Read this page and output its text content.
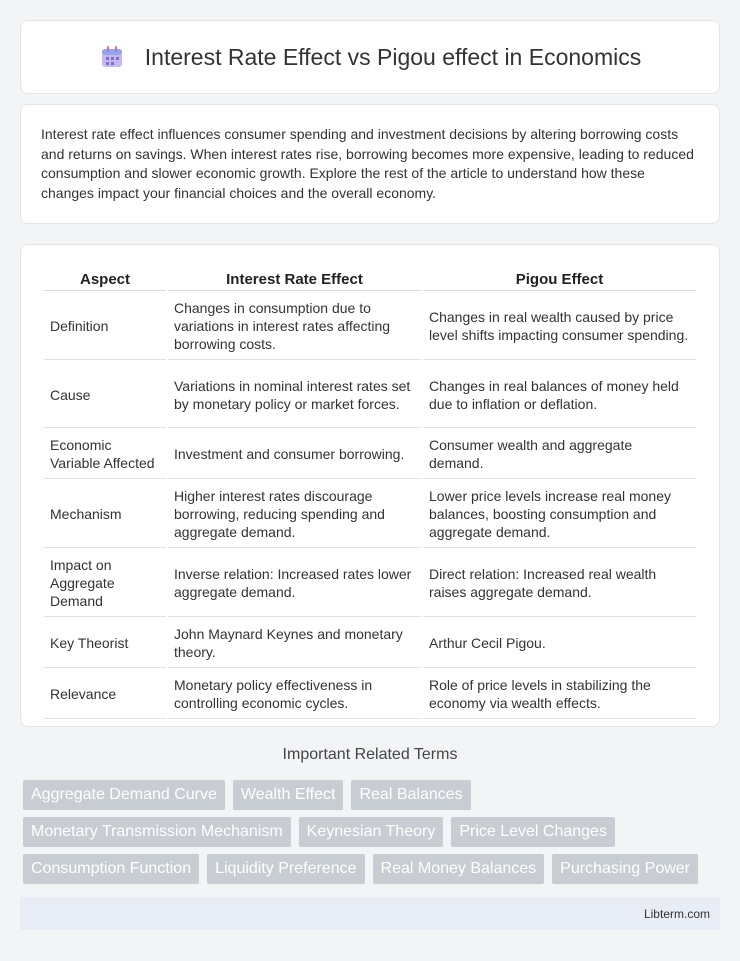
Interest Rate Effect vs Pigou effect in Economics

Interest rate effect influences consumer spending and investment decisions by altering borrowing costs and returns on savings. When interest rates rise, borrowing becomes more expensive, leading to reduced consumption and slower economic growth. Explore the rest of the article to understand how these changes impact your financial choices and the overall economy.

Aspect	Interest Rate Effect	Pigou Effect
Definition	Changes in consumption due to variations in interest rates affecting borrowing costs.	Changes in real wealth caused by price level shifts impacting consumer spending.
Cause	Variations in nominal interest rates set by monetary policy or market forces.	Changes in real balances of money held due to inflation or deflation.
Economic Variable Affected	Investment and consumer borrowing.	Consumer wealth and aggregate demand.
Mechanism	Higher interest rates discourage borrowing, reducing spending and aggregate demand.	Lower price levels increase real money balances, boosting consumption and aggregate demand.
Impact on Aggregate Demand	Inverse relation: Increased rates lower aggregate demand.	Direct relation: Increased real wealth raises aggregate demand.
Key Theorist	John Maynard Keynes and monetary theory.	Arthur Cecil Pigou.
Relevance	Monetary policy effectiveness in controlling economic cycles.	Role of price levels in stabilizing the economy via wealth effects.
Important Related Terms
Aggregate Demand Curve	Wealth Effect	Real Balances
Monetary Transmission Mechanism	Keynesian Theory	Price Level Changes
Consumption Function	Liquidity Preference	Real Money Balances	Purchasing Power
Libterm.com
